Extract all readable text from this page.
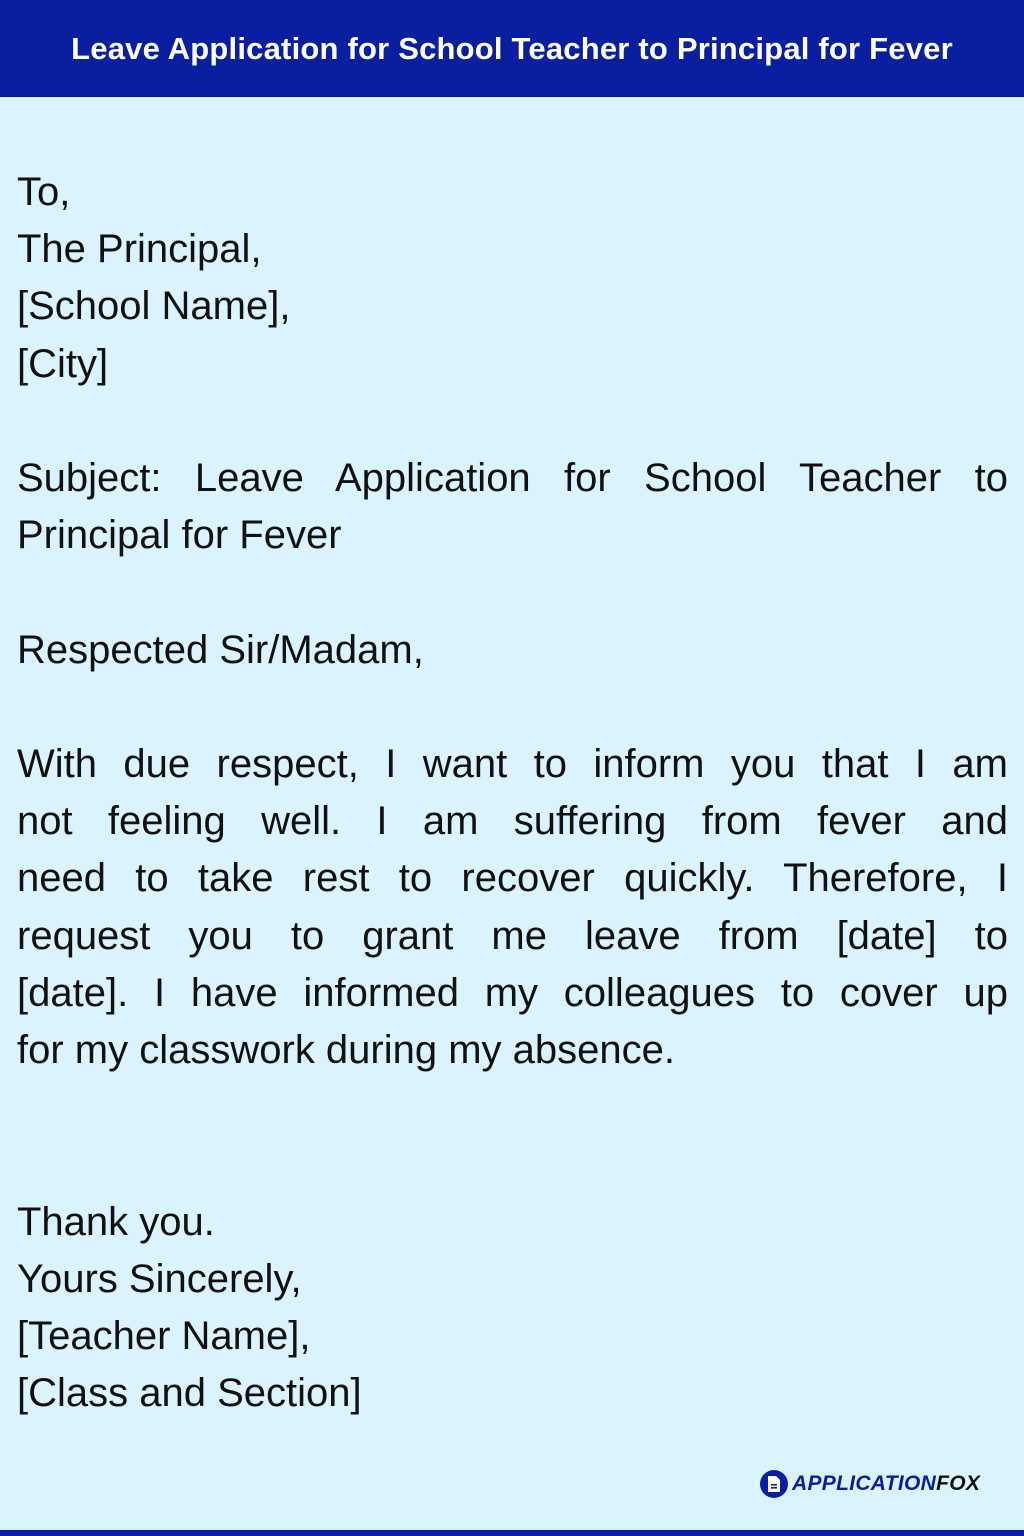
Leave Application for School Teacher to Principal for Fever
To,
The Principal,
[School Name],
[City]
Subject: Leave Application for School Teacher to
Principal for Fever
Respected Sir/Madam,
With due respect, I want to inform you that I am
not feeling well. I am suffering from fever and
need to take rest to recover quickly. Therefore, I
request you to grant me leave from [date] to
[date]. I have informed my colleagues to cover up
for my classwork during my absence.
Thank you.
Yours Sincerely,
[Teacher Name],
[Class and Section]
APPLICATIONFOX
